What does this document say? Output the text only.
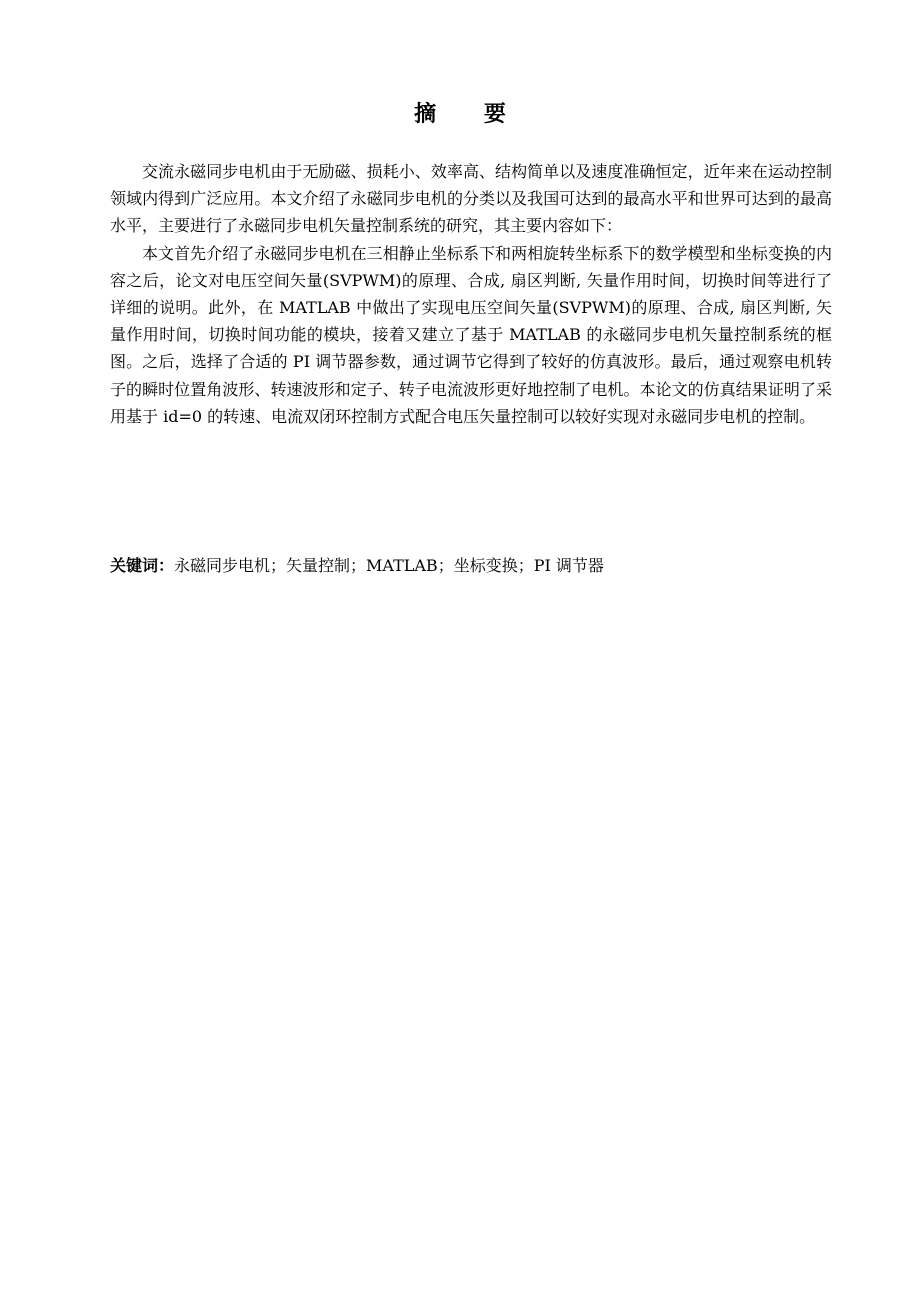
摘 要

交流永磁同步电机由于无励磁、损耗小、效率高、结构简单以及速度准确恒定，近年来在运动控制领域内得到广泛应用。本文介绍了永磁同步电机的分类以及我国可达到的最高水平和世界可达到的最高水平，主要进行了永磁同步电机矢量控制系统的研究，其主要内容如下：

本文首先介绍了永磁同步电机在三相静止坐标系下和两相旋转坐标系下的数学模型和坐标变换的内容之后，论文对电压空间矢量(SVPWM)的原理、合成, 扇区判断, 矢量作用时间，切换时间等进行了详细的说明。此外，在 MATLAB 中做出了实现电压空间矢量(SVPWM)的原理、合成, 扇区判断, 矢量作用时间，切换时间功能的模块，接着又建立了基于 MATLAB 的永磁同步电机矢量控制系统的框图。之后，选择了合适的 PI 调节器参数，通过调节它得到了较好的仿真波形。最后，通过观察电机转子的瞬时位置角波形、转速波形和定子、转子电流波形更好地控制了电机。本论文的仿真结果证明了采用基于 id=0 的转速、电流双闭环控制方式配合电压矢量控制可以较好实现对永磁同步电机的控制。

关键词：永磁同步电机；矢量控制；MATLAB；坐标变换；PI 调节器
